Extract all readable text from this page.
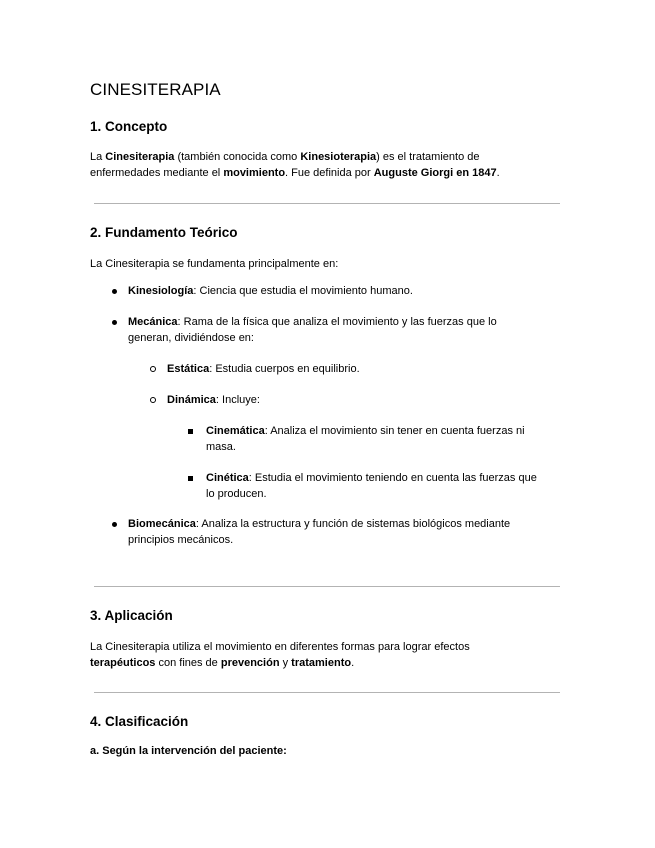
CINESITERAPIA
1. Concepto

La Cinesiterapia (también conocida como Kinesioterapia) es el tratamiento de
enfermedades mediante el movimiento. Fue definida por Auguste Giorgi en 1847.

2. Fundamento Teórico

La Cinesiterapia se fundamenta principalmente en:

Kinesiología: Ciencia que estudia el movimiento humano.
Mecánica: Rama de la física que analiza el movimiento y las fuerzas que lo
generan, dividiéndose en:
Estática: Estudia cuerpos en equilibrio.
Dinámica: Incluye:
Cinemática: Analiza el movimiento sin tener en cuenta fuerzas ni
masa.
Cinética: Estudia el movimiento teniendo en cuenta las fuerzas que
lo producen.
Biomecánica: Analiza la estructura y función de sistemas biológicos mediante
principios mecánicos.
3. Aplicación

La Cinesiterapia utiliza el movimiento en diferentes formas para lograr efectos
terapéuticos con fines de prevención y tratamiento.

4. Clasificación

a. Según la intervención del paciente:
